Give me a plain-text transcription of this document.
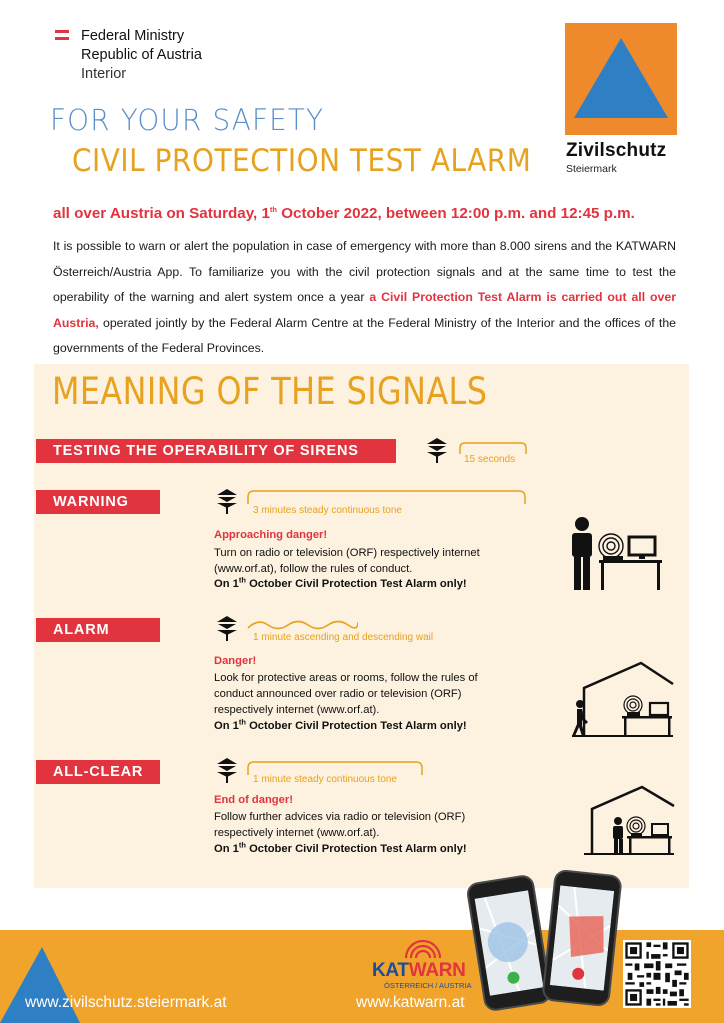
Federal Ministry
Republic of Austria
Interior
Zivilschutz
Steiermark
FOR YOUR SAFETY
CIVIL PROTECTION TEST ALARM
all over Austria on Saturday, 1th October 2022, between 12:00 p.m. and 12:45 p.m.
It is possible to warn or alert the population in case of emergency with more than 8.000 sirens and the KATWARN Österreich/Austria App. To familiarize you with the civil protection signals and at the same time to test the operability of the warning and alert system once a year a Civil Protection Test Alarm is carried out all over Austria, operated jointly by the Federal Alarm Centre at the Federal Ministry of the Interior and the offices of the governments of the Federal Provinces.
MEANING OF THE SIGNALS
TESTING THE OPERABILITY OF SIRENS
15 seconds
WARNING
3 minutes steady continuous tone
Approaching danger!
Turn on radio or television (ORF) respectively internet (www.orf.at), follow the rules of conduct.
On 1th October Civil Protection Test Alarm only!
ALARM	1 minute ascending and descending wail
Danger!
Look for protective areas or rooms, follow the rules of conduct announced over radio or television (ORF) respectively internet (www.orf.at).
On 1th October Civil Protection Test Alarm only!
ALL-CLEAR	1 minute steady continuous tone
End of danger!
Follow further advices via radio or television (ORF) respectively internet (www.orf.at).
On 1th October Civil Protection Test Alarm only!
www.zivilschutz.steiermark.at	www.katwarn.at
KATWARN
ÖSTERREICH / AUSTRIA
